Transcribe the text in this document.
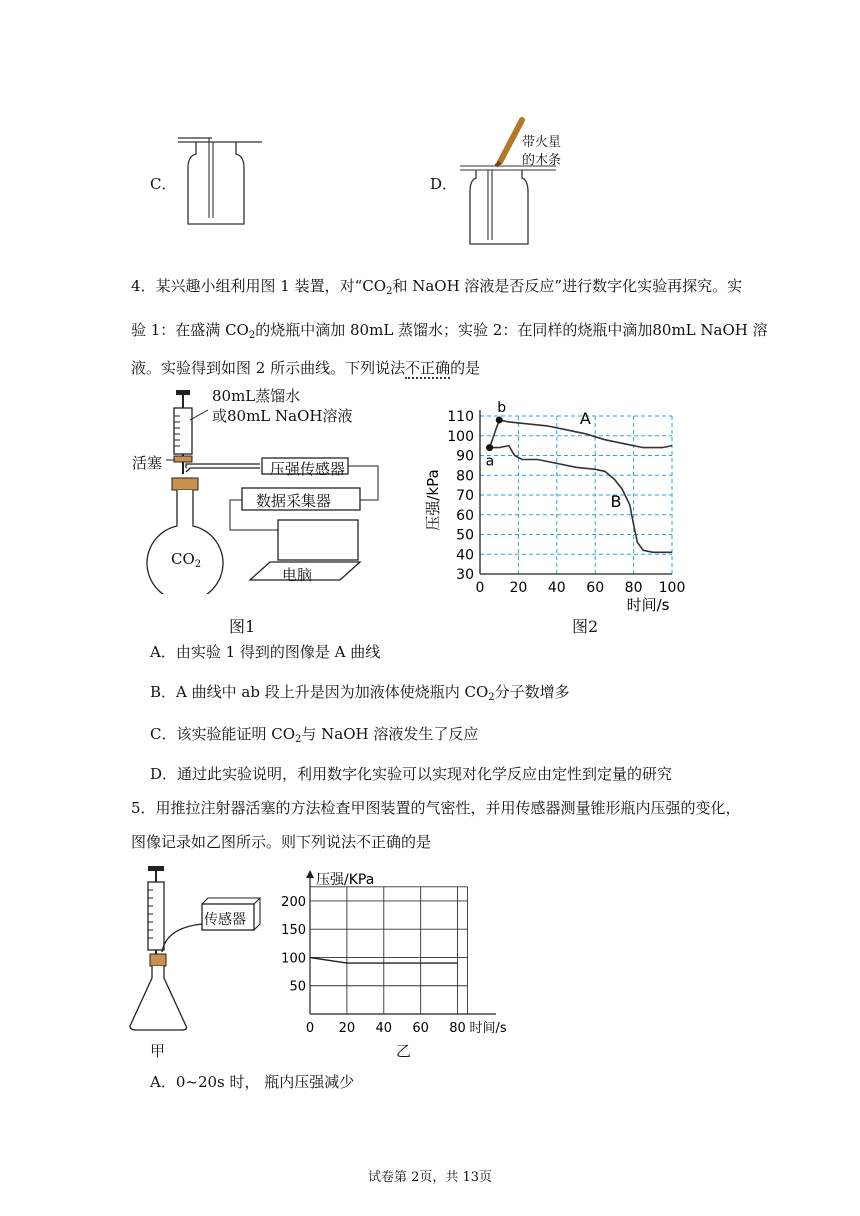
C．	D．
带火星
的木条
4．某兴趣小组利用图 1 装置，对“$CO_2$和 NaOH 溶液是否反应”进行数字化实验再探究。实
验 1：在盛满 $CO_2$的烧瓶中滴加 80mL 蒸馏水；实验 2：在同样的烧瓶中滴加80mL NaOH 溶
液。实验得到如图 2 所示曲线。下列说法不正确的是
80mL蒸馏水
或80mL NaOH溶液
活塞	压强传感器
数据采集器
电脑
$CO_2$
图1
30
40
50
60
70
80
90
100
110
0 20 40 60 80 100
压强/kPa
时间/s
a
b
A
B
图2
A．由实验 1 得到的图像是 A 曲线
B．A 曲线中 ab 段上升是因为加液体使烧瓶内 $CO_2$分子数增多
C．该实验能证明 $CO_2$与 NaOH 溶液发生了反应
D．通过此实验说明，利用数字化实验可以实现对化学反应由定性到定量的研究
5．用推拉注射器活塞的方法检查甲图装置的气密性，并用传感器测量锥形瓶内压强的变化，
图像记录如乙图所示。则下列说法不正确的是
传感器
甲
50
100
150
200
0 20 40 60 80
压强/KPa
时间/s
乙
A．0~20s 时， 瓶内压强减少
试卷第 2页，共 13页
